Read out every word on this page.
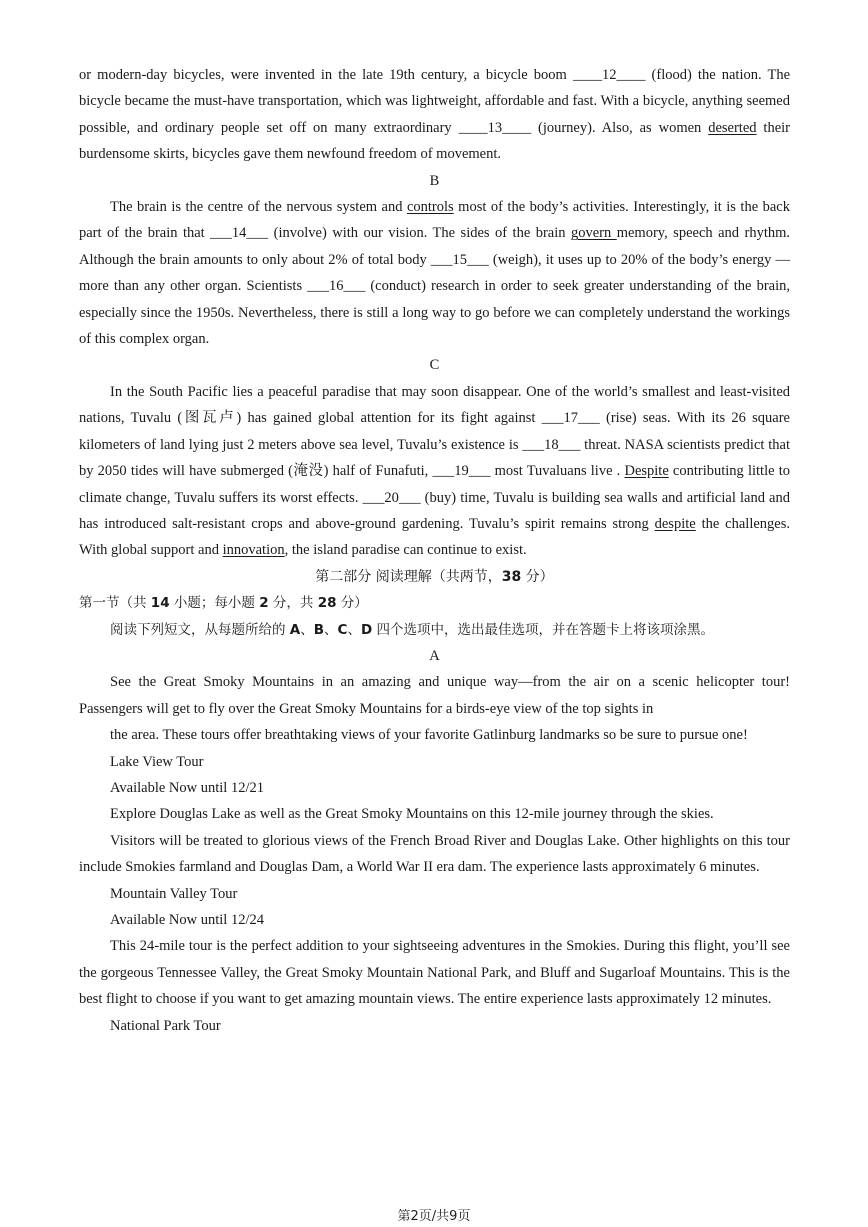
or modern-day bicycles, were invented in the late 19th century, a bicycle boom ____12____ (flood) the nation. The bicycle became the must-have transportation, which was lightweight, affordable and fast. With a bicycle, anything seemed possible, and ordinary people set off on many extraordinary ____13____ (journey). Also, as women deserted their burdensome skirts, bicycles gave them newfound freedom of movement.

B

The brain is the centre of the nervous system and controls most of the body’s activities. Interestingly, it is the back part of the brain that ___14___ (involve) with our vision. The sides of the brain govern memory, speech and rhythm. Although the brain amounts to only about 2% of total body ___15___ (weigh), it uses up to 20% of the body’s energy — more than any other organ. Scientists ___16___ (conduct) research in order to seek greater understanding of the brain, especially since the 1950s. Nevertheless, there is still a long way to go before we can completely understand the workings of this complex organ.

C

In the South Pacific lies a peaceful paradise that may soon disappear. One of the world’s smallest and least-visited nations, Tuvalu (图瓦卢) has gained global attention for its fight against ___17___ (rise) seas. With its 26 square kilometers of land lying just 2 meters above sea level, Tuvalu’s existence is ___18___ threat. NASA scientists predict that by 2050 tides will have submerged (淹没) half of Funafuti, ___19___ most Tuvaluans live . Despite contributing little to climate change, Tuvalu suffers its worst effects. ___20___ (buy) time, Tuvalu is building sea walls and artificial land and has introduced salt-resistant crops and above-ground gardening. Tuvalu’s spirit remains strong despite the challenges. With global support and innovation, the island paradise can continue to exist.

第二部分 阅读理解（共两节，38 分）

第一节（共 14 小题；每小题 2 分，共 28 分）

阅读下列短文，从每题所给的 A、B、C、D 四个选项中，选出最佳选项，并在答题卡上将该项涂黑。

A

See the Great Smoky Mountains in an amazing and unique way—from the air on a scenic helicopter tour! Passengers will get to fly over the Great Smoky Mountains for a birds-eye view of the top sights in

the area. These tours offer breathtaking views of your favorite Gatlinburg landmarks so be sure to pursue one!

Lake View Tour

Available Now until 12/21

Explore Douglas Lake as well as the Great Smoky Mountains on this 12-mile journey through the skies.

Visitors will be treated to glorious views of the French Broad River and Douglas Lake. Other highlights on this tour include Smokies farmland and Douglas Dam, a World War II era dam. The experience lasts approximately 6 minutes.

Mountain Valley Tour

Available Now until 12/24

This 24-mile tour is the perfect addition to your sightseeing adventures in the Smokies. During this flight, you’ll see the gorgeous Tennessee Valley, the Great Smoky Mountain National Park, and Bluff and Sugarloaf Mountains. This is the best flight to choose if you want to get amazing mountain views. The entire experience lasts approximately 12 minutes.

National Park Tour

第2页/共9页
